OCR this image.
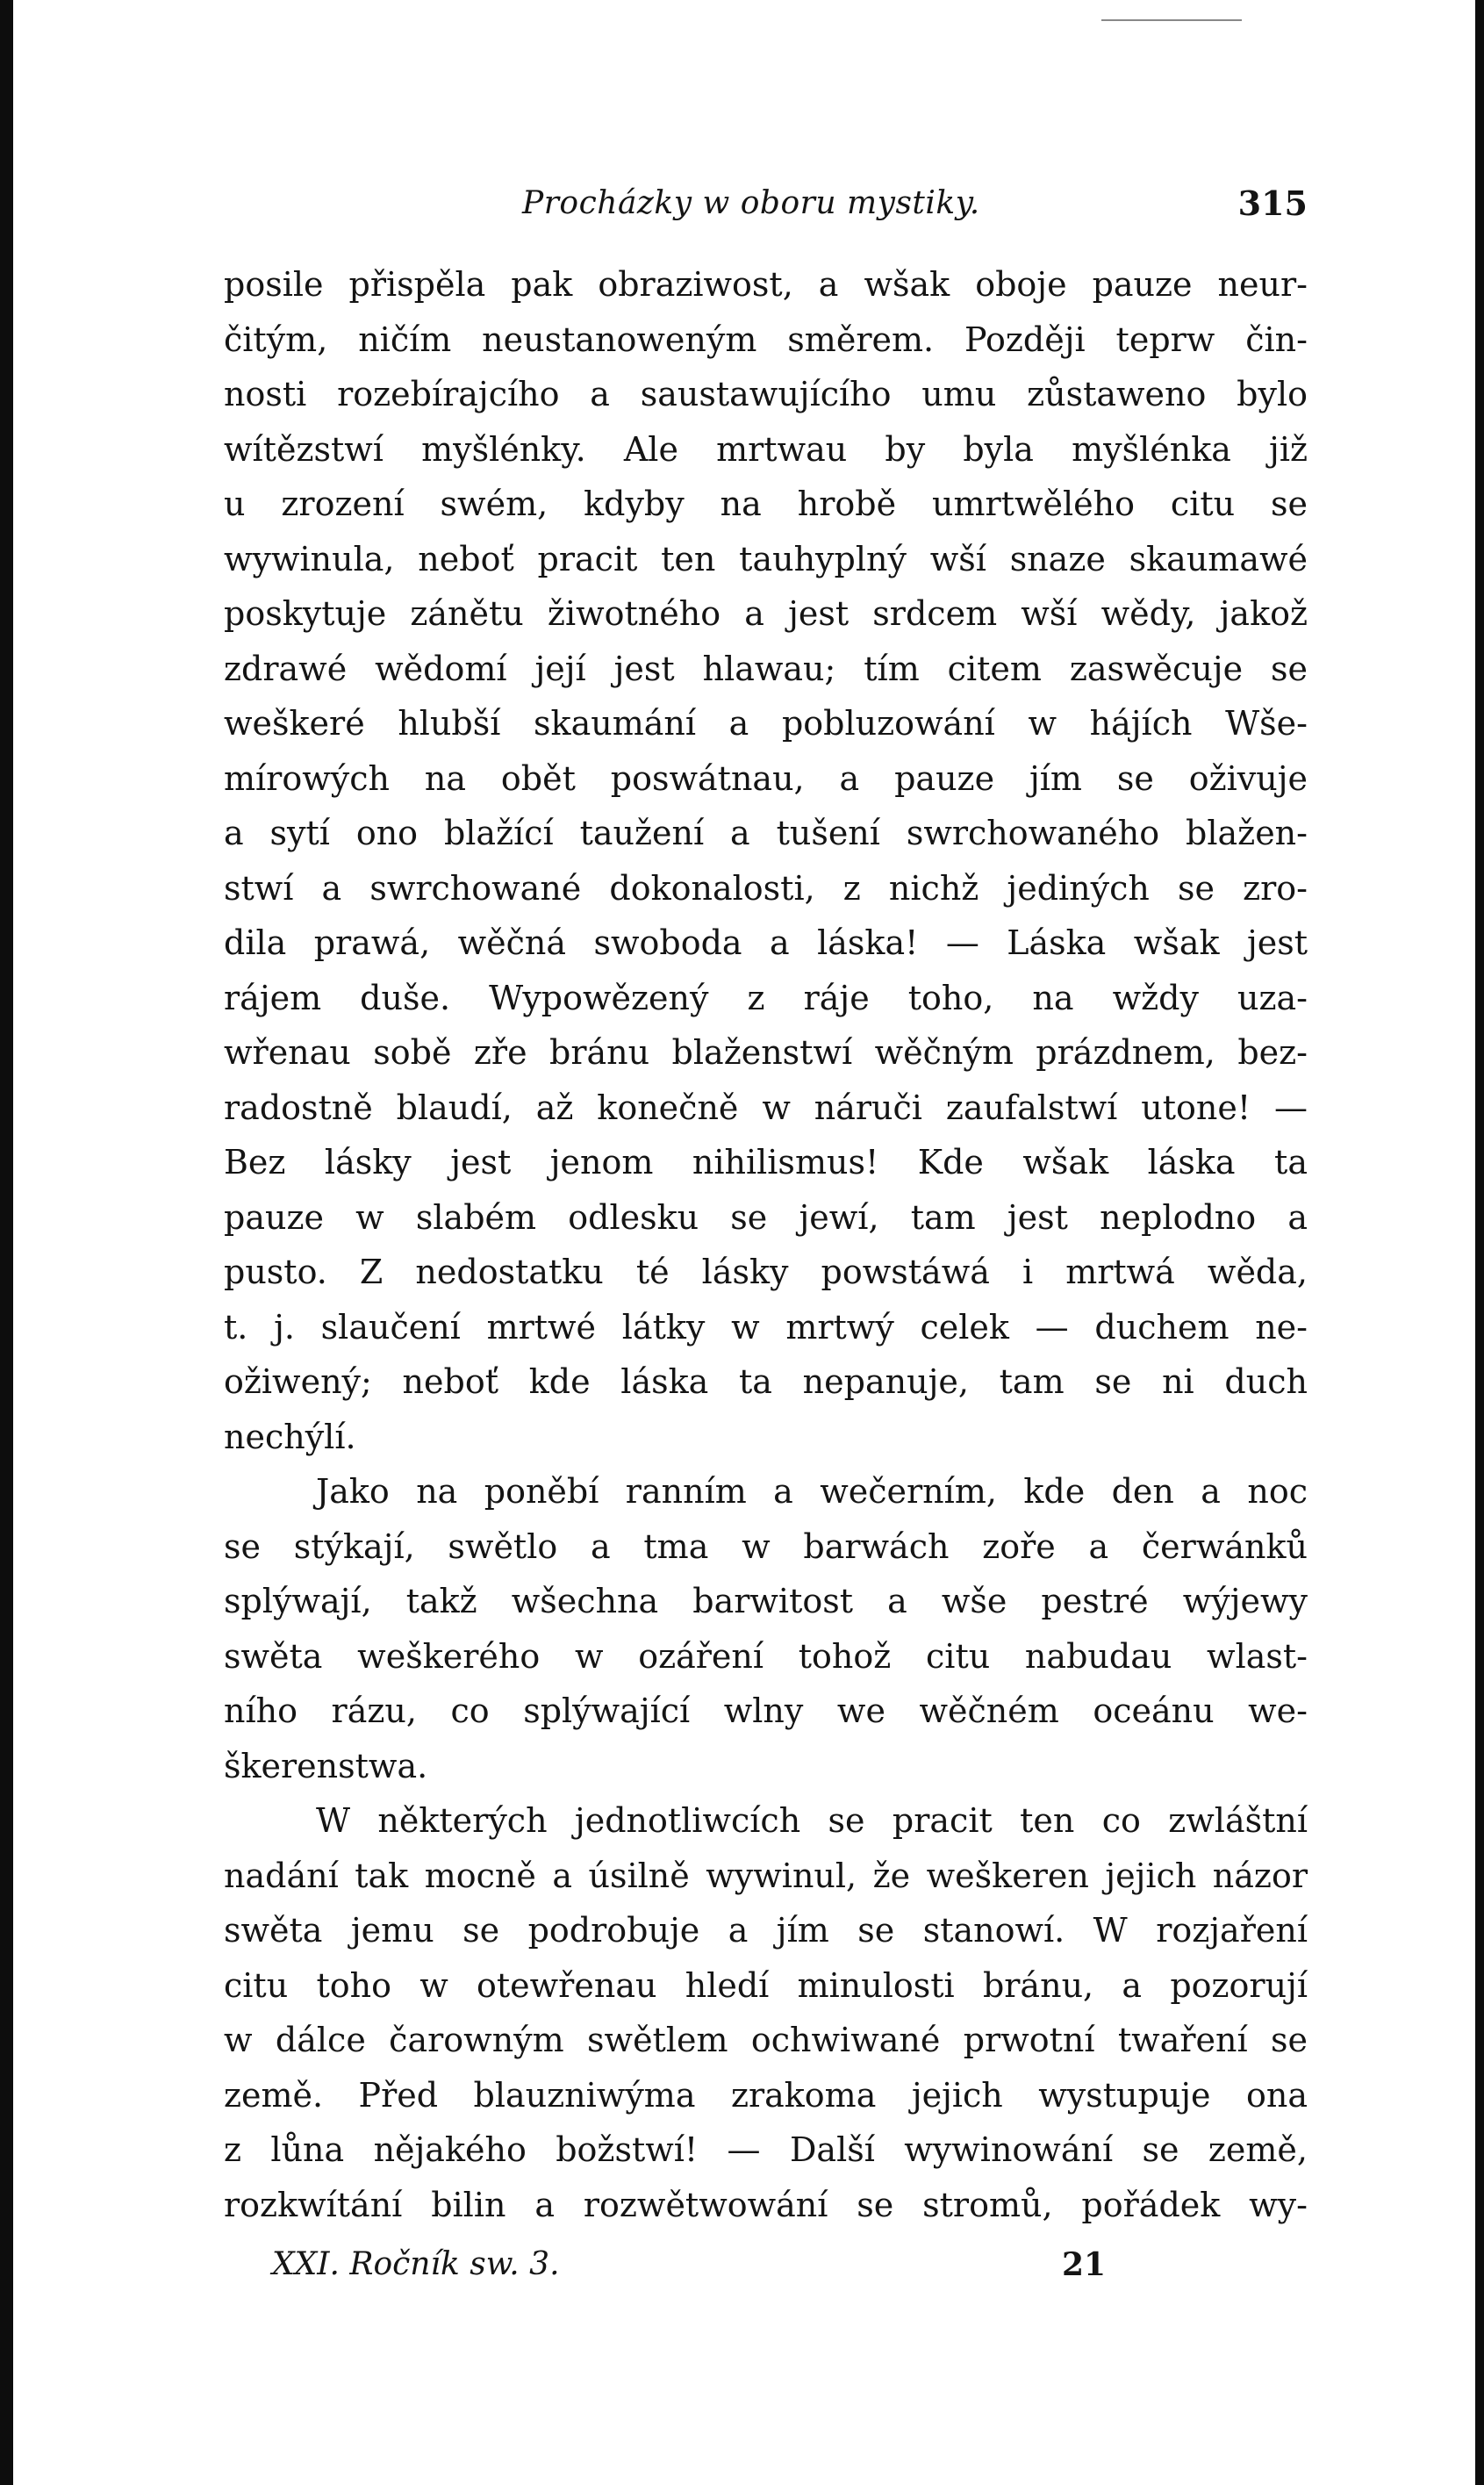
Procházky w oboru mystiky.	315
posile přispěla pak obraziwost, a wšak oboje pauze neur-
čitým, ničím neustanoweným směrem. Později teprw čin-
nosti rozebírajcího a saustawujícího umu zůstaweno bylo
wítězstwí myšlénky. Ale mrtwau by byla myšlénka již
u zrození swém, kdyby na hrobě umrtwělého citu se
wywinula, neboť pracit ten tauhyplný wší snaze skaumawé
poskytuje zánětu žiwotného a jest srdcem wší wědy, jakož
zdrawé wědomí její jest hlawau; tím citem zaswěcuje se
weškeré hlubší skaumání a pobluzowání w hájích Wše-
mírowých na obět poswátnau, a pauze jím se oživuje
a sytí ono blažící taužení a tušení swrchowaného blažen-
stwí a swrchowané dokonalosti, z nichž jediných se zro-
dila prawá, wěčná swoboda a láska! — Láska wšak jest
rájem duše. Wypowězený z ráje toho, na wždy uza-
wřenau sobě zře bránu blaženstwí wěčným prázdnem, bez-
radostně blaudí, až konečně w náruči zaufalstwí utone! —
Bez lásky jest jenom nihilismus! Kde wšak láska ta
pauze w slabém odlesku se jewí, tam jest neplodno a
pusto. Z nedostatku té lásky powstáwá i mrtwá wěda,
t. j. slaučení mrtwé látky w mrtwý celek — duchem ne-
ožiwený; neboť kde láska ta nepanuje, tam se ni duch
nechýlí.
Jako na poněbí ranním a wečerním, kde den a noc
se stýkají, swětlo a tma w barwách zoře a čerwánků
splýwají, takž wšechna barwitost a wše pestré wýjewy
swěta weškerého w ozáření tohož citu nabudau wlast-
ního rázu, co splýwající wlny we wěčném oceánu we-
škerenstwa.
W některých jednotliwcích se pracit ten co zwláštní
nadání tak mocně a úsilně wywinul, že weškeren jejich názor
swěta jemu se podrobuje a jím se stanowí. W rozjaření
citu toho w otewřenau hledí minulosti bránu, a pozorují
w dálce čarowným swětlem ochwiwané prwotní twaření se
země. Před blauzniwýma zrakoma jejich wystupuje ona
z lůna nějakého božstwí! — Další wywinowání se země,
rozkwítání bilin a rozwětwowání se stromů, pořádek wy-
XXI. Ročník sw. 3.	21
